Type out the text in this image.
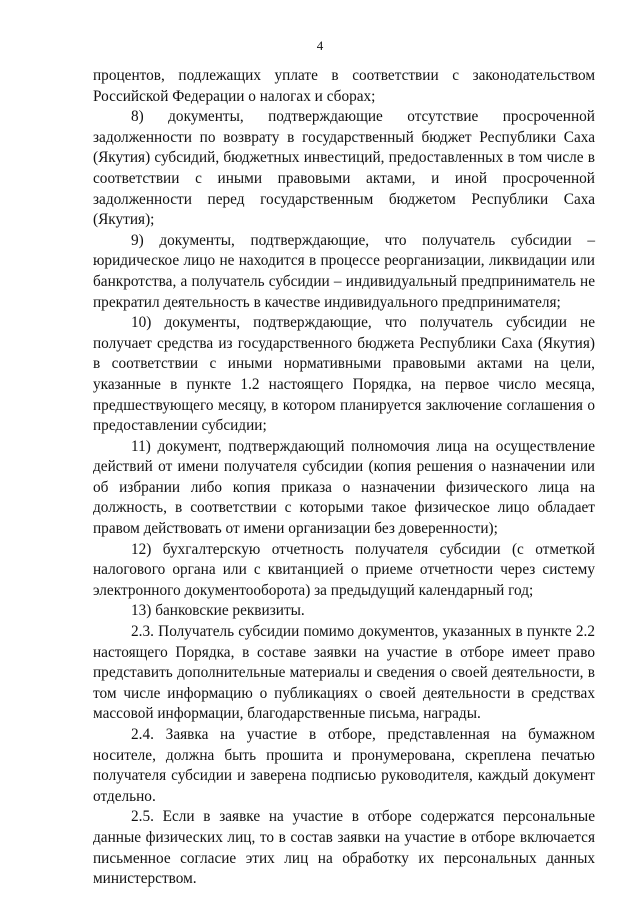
4

процентов, подлежащих уплате в соответствии с законодательством Российской Федерации о налогах и сборах;

8) документы, подтверждающие отсутствие просроченной задолженности по возврату в государственный бюджет Республики Саха (Якутия) субсидий, бюджетных инвестиций, предоставленных в том числе в соответствии с иными правовыми актами, и иной просроченной задолженности перед государственным бюджетом Республики Саха (Якутия);

9) документы, подтверждающие, что получатель субсидии – юридическое лицо не находится в процессе реорганизации, ликвидации или банкротства, а получатель субсидии – индивидуальный предприниматель не прекратил деятельность в качестве индивидуального предпринимателя;

10) документы, подтверждающие, что получатель субсидии не получает средства из государственного бюджета Республики Саха (Якутия) в соответствии с иными нормативными правовыми актами на цели, указанные в пункте 1.2 настоящего Порядка, на первое число месяца, предшествующего месяцу, в котором планируется заключение соглашения о предоставлении субсидии;

11) документ, подтверждающий полномочия лица на осуществление действий от имени получателя субсидии (копия решения о назначении или об избрании либо копия приказа о назначении физического лица на должность, в соответствии с которыми такое физическое лицо обладает правом действовать от имени организации без доверенности);

12) бухгалтерскую отчетность получателя субсидии (с отметкой налогового органа или с квитанцией о приеме отчетности через систему электронного документооборота) за предыдущий календарный год;

13) банковские реквизиты.

2.3. Получатель субсидии помимо документов, указанных в пункте 2.2 настоящего Порядка, в составе заявки на участие в отборе имеет право представить дополнительные материалы и сведения о своей деятельности, в том числе информацию о публикациях о своей деятельности в средствах массовой информации, благодарственные письма, награды.

2.4. Заявка на участие в отборе, представленная на бумажном носителе, должна быть прошита и пронумерована, скреплена печатью получателя субсидии и заверена подписью руководителя, каждый документ отдельно.

2.5. Если в заявке на участие в отборе содержатся персональные данные физических лиц, то в состав заявки на участие в отборе включается письменное согласие этих лиц на обработку их персональных данных министерством.
